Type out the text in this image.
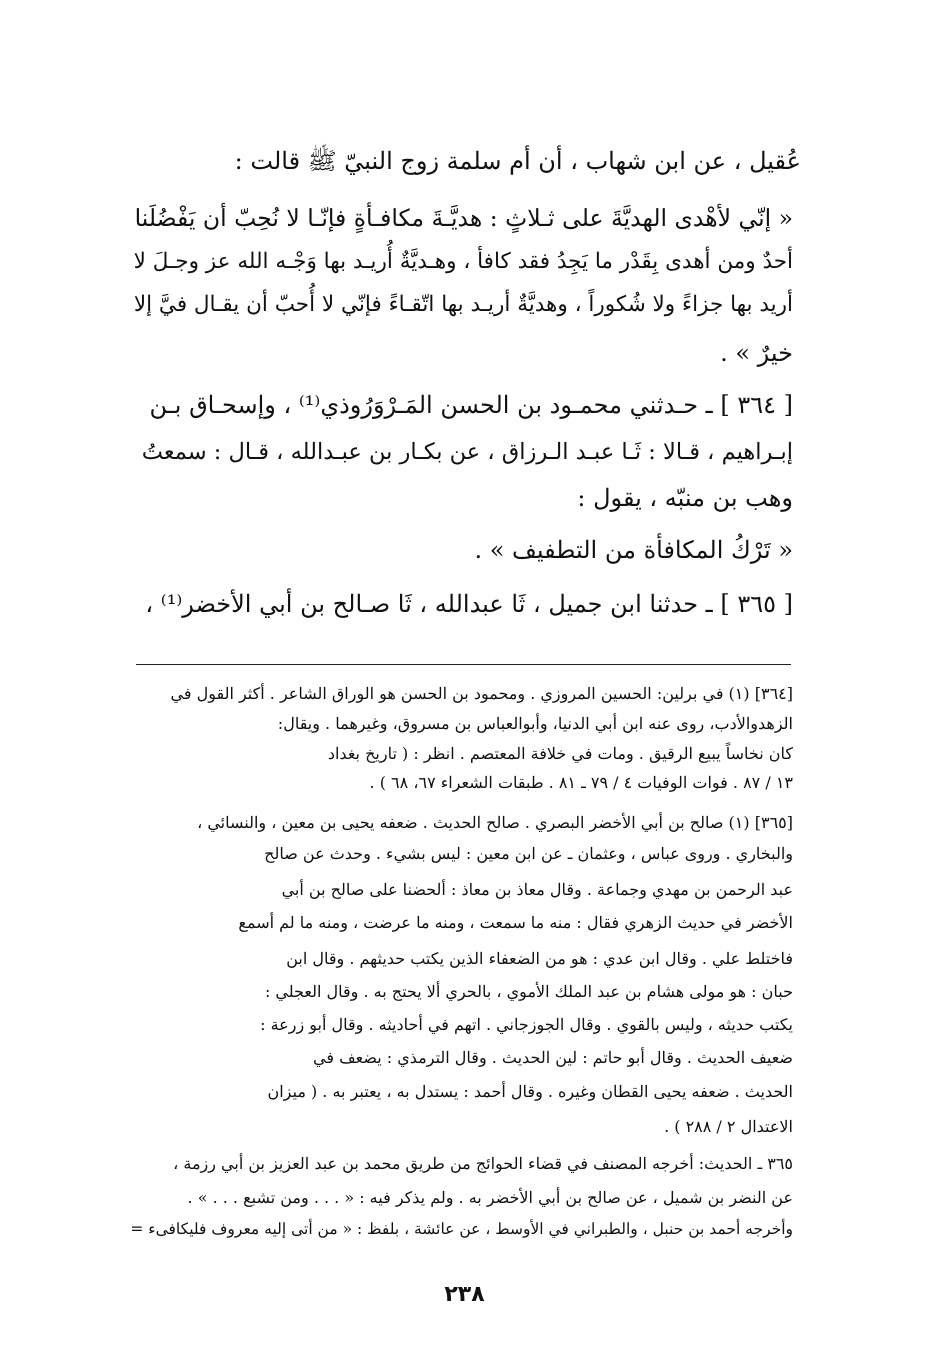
عُقيل ، عن ابن شهاب ، أن أم سلمة زوج النبيّ ﷺ قالت :
« إنّي لأهْدى الهديَّةَ على ثـلاثٍ : هديَّـةَ مكافـأةٍ فإنّـا لا نُحِبّ أن يَفْضُلَنا
أحدٌ ومن أهدى بِقَدْر ما يَجِدُ فقد كافأ ، وهـديَّةٌ أُريـد بها وَجْـه الله عز وجـلَ لا
أريد بها جزاءً ولا شُكوراً ، وهديَّةٌ أريـد بها اتّقـاءً فإنّي لا أُحبّ أن يقـال فيَّ إلا
خيرٌ » .
[ ٣٦٤ ] ـ حـدثني محمـود بن الحسن المَـرْوَرُوذي⁽¹⁾ ، وإسحـاق بـن
إبـراهيم ، قـالا : ثَـا عبـد الـرزاق ، عن بكـار بن عبـدالله ، قـال : سمعتُ
وهب بن منبّه ، يقول :
« تَرْكُ المكافأة من التطفيف » .
[ ٣٦٥ ] ـ حدثنا ابن جميل ، ثَا عبدالله ، ثَا صـالح بن أبي الأخضر⁽¹⁾ ،
[٣٦٤] (١) في برلين: الحسين المروزي . ومحمود بن الحسن هو الوراق الشاعر . أكثر القول في
الزهدوالأدب، روى عنه ابن أبي الدنيا، وأبوالعباس بن مسروق، وغيرهما . ويقال:
كان نخاساً يبيع الرقيق . ومات في خلافة المعتصم . انظر : ( تاريخ بغداد
١٣ / ٨٧ . فوات الوفيات ٤ / ٧٩ ـ ٨١ . طبقات الشعراء ٦٧، ٦٨ ) .
[٣٦٥] (١) صالح بن أبي الأخضر البصري . صالح الحديث . ضعفه يحيى بن معين ، والنسائي ،
والبخاري . وروى عباس ، وعثمان ـ عن ابن معين : ليس بشيء . وحدث عن صالح
عبد الرحمن بن مهدي وجماعة . وقال معاذ بن معاذ : ألحضنا على صالح بن أبي
الأخضر في حديث الزهري فقال : منه ما سمعت ، ومنه ما عرضت ، ومنه ما لم أسمع
فاختلط علي . وقال ابن عدي : هو من الضعفاء الذين يكتب حديثهم . وقال ابن
حبان : هو مولى هشام بن عبد الملك الأموي ، بالحري ألا يحتج به . وقال العجلي :
يكتب حديثه ، وليس بالقوي . وقال الجوزجاني . اتهم في أحاديثه . وقال أبو زرعة :
ضعيف الحديث . وقال أبو حاتم : لين الحديث . وقال الترمذي : يضعف في
الحديث . ضعفه يحيى القطان وغيره . وقال أحمد : يستدل به ، يعتبر به . ( ميزان
الاعتدال ٢ / ٢٨٨ ) .
٣٦٥ ـ الحديث: أخرجه المصنف في قضاء الحوائج من طريق محمد بن عبد العزيز بن أبي رزمة ،
عن النضر بن شميل ، عن صالح بن أبي الأخضر به . ولم يذكر فيه : « . . . ومن تشبع . . . » .
وأخرجه أحمد بن حنبل ، والطبراني في الأوسط ، عن عائشة ، بلفظ : « من أتى إليه معروف فليكافىء =
٢٣٨
